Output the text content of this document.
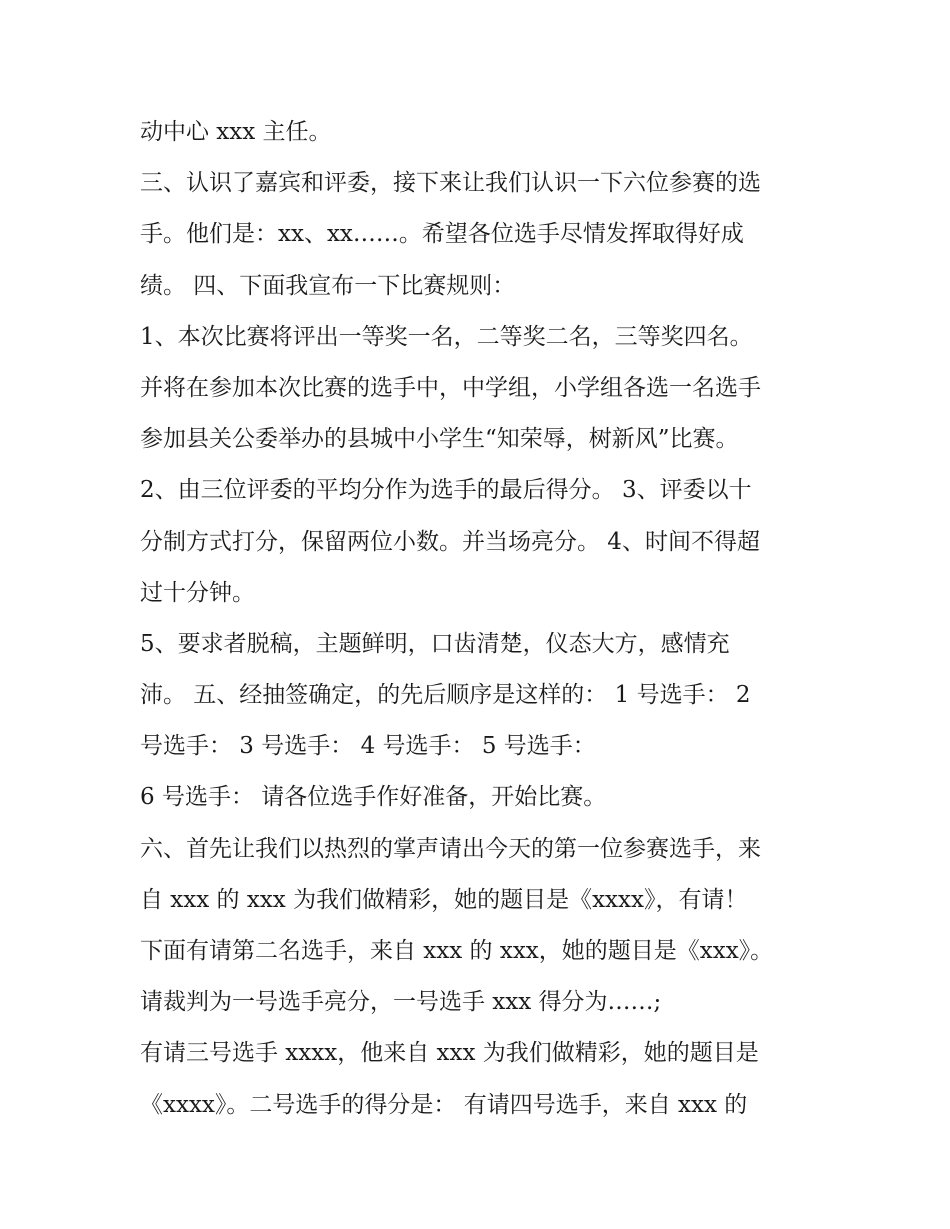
动中心 xxx 主任。
三、认识了嘉宾和评委，接下来让我们认识一下六位参赛的选
手。他们是：xx、xx……。希望各位选手尽情发挥取得好成
绩。 四、下面我宣布一下比赛规则：
1、本次比赛将评出一等奖一名，二等奖二名，三等奖四名。
并将在参加本次比赛的选手中，中学组，小学组各选一名选手
参加县关公委举办的县城中小学生“知荣辱，树新风”比赛。
2、由三位评委的平均分作为选手的最后得分。 3、评委以十
分制方式打分，保留两位小数。并当场亮分。 4、时间不得超
过十分钟。
5、要求者脱稿，主题鲜明，口齿清楚，仪态大方，感情充
沛。 五、经抽签确定，的先后顺序是这样的： 1 号选手： 2
号选手： 3 号选手： 4 号选手： 5 号选手：
6 号选手： 请各位选手作好准备，开始比赛。
六、首先让我们以热烈的掌声请出今天的第一位参赛选手，来
自 xxx 的 xxx 为我们做精彩，她的题目是《xxxx》，有请！
下面有请第二名选手，来自 xxx 的 xxx，她的题目是《xxx》。
请裁判为一号选手亮分，一号选手 xxx 得分为……;
有请三号选手 xxxx，他来自 xxx 为我们做精彩，她的题目是
《xxxx》。二号选手的得分是： 有请四号选手，来自 xxx 的
